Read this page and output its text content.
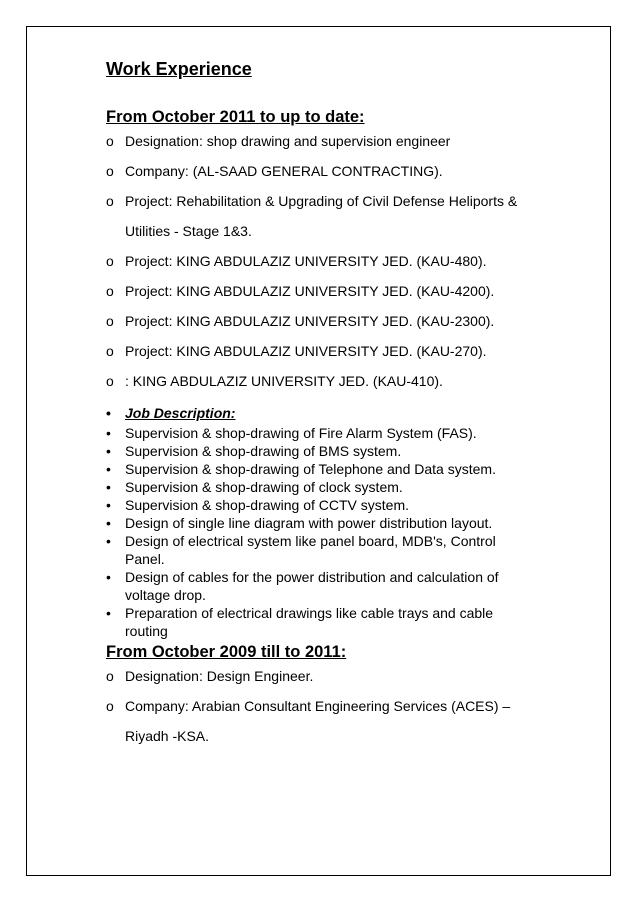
Work Experience
From October 2011 to up to date:
o Designation: shop drawing and supervision engineer
o Company: (AL-SAAD GENERAL CONTRACTING).
o Project: Rehabilitation & Upgrading of Civil Defense Heliports &
Utilities - Stage 1&3.
o Project: KING ABDULAZIZ UNIVERSITY JED. (KAU-480).
o Project: KING ABDULAZIZ UNIVERSITY JED. (KAU-4200).
o Project: KING ABDULAZIZ UNIVERSITY JED. (KAU-2300).
o Project: KING ABDULAZIZ UNIVERSITY JED. (KAU-270).
o : KING ABDULAZIZ UNIVERSITY JED. (KAU-410).
• Job Description:
• Supervision & shop-drawing of Fire Alarm System (FAS).
• Supervision & shop-drawing of BMS system.
• Supervision & shop-drawing of Telephone and Data system.
• Supervision & shop-drawing of clock system.
• Supervision & shop-drawing of CCTV system.
• Design of single line diagram with power distribution layout.
• Design of electrical system like panel board, MDB's, Control
Panel.
• Design of cables for the power distribution and calculation of
voltage drop.
• Preparation of electrical drawings like cable trays and cable
routing
From October 2009 till to 2011:
o Designation: Design Engineer.
o Company: Arabian Consultant Engineering Services (ACES) –
Riyadh -KSA.
